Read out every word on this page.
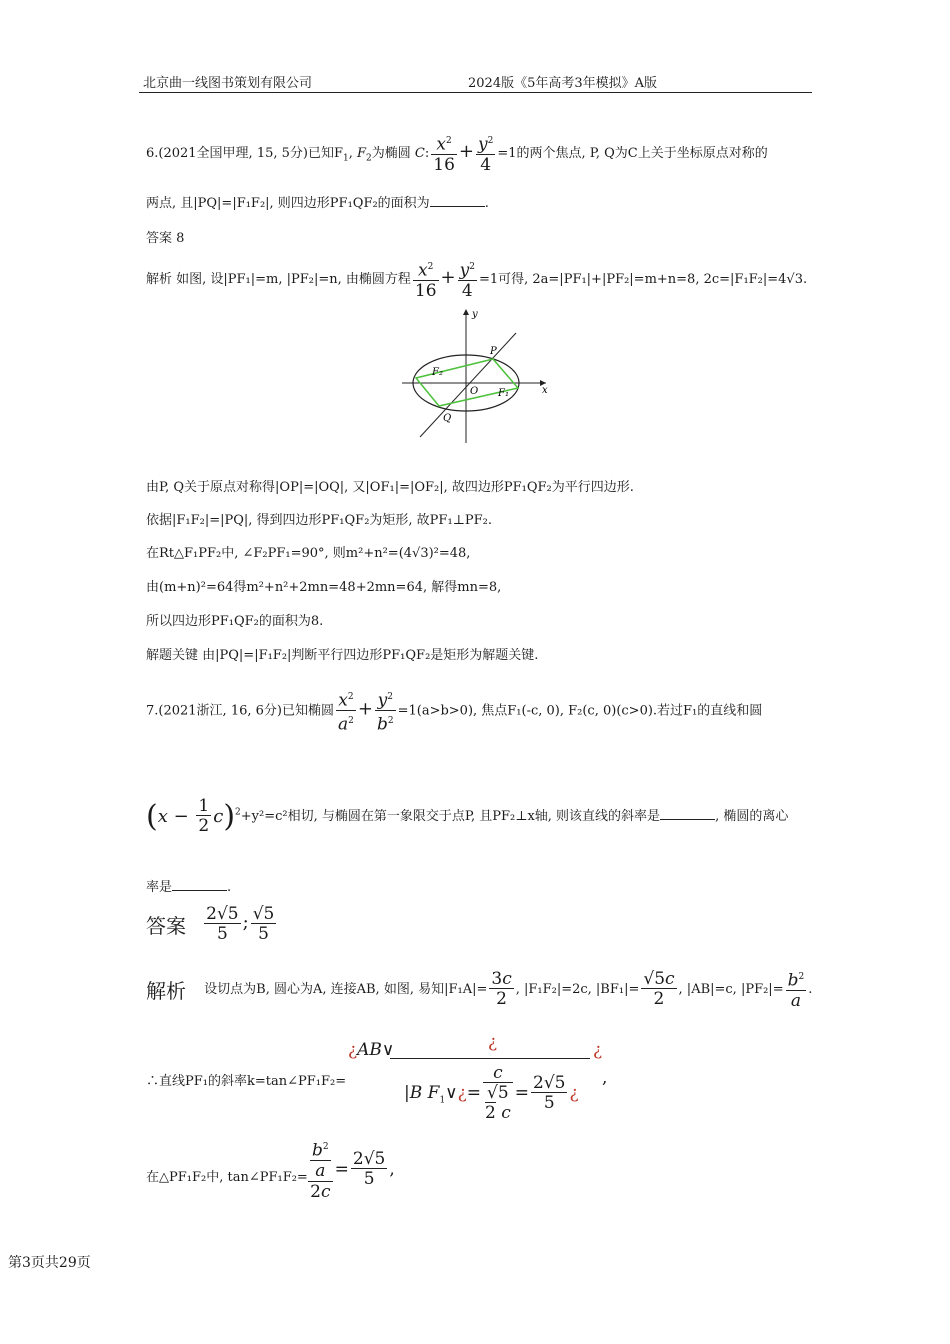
北京曲一线图书策划有限公司	2024版《5年高考3年模拟》A版
6.(2021全国甲理, 15, 5分)已知$F_1$, $F_2$为椭圆 C: $\frac{x^2}{16} + \frac{y^2}{4} =1$的两个焦点, P, Q为C上关于坐标原点对称的
两点, 且|PQ|=|F₁F₂|, 则四边形PF₁QF₂的面积为	.
答案 8
解析 如图, 设|PF₁|=m, |PF₂|=n, 由椭圆方程 $\frac{x^2}{16} + \frac{y^2}{4} =1$可得, 2a=|PF₁|+|PF₂|=m+n=8, 2c=|F₁F₂|=4√3.
y
x
O
P
Q
F₁
F₂
由P, Q关于原点对称得|OP|=|OQ|, 又|OF₁|=|OF₂|, 故四边形PF₁QF₂为平行四边形.
依据|F₁F₂|=|PQ|, 得到四边形PF₁QF₂为矩形, 故PF₁⊥PF₂.
在Rt△F₁PF₂中, ∠F₂PF₁=90°, 则m²+n²=(4√3)²=48,
由(m+n)²=64得m²+n²+2mn=48+2mn=64, 解得mn=8,
所以四边形PF₁QF₂的面积为8.
解题关键 由|PQ|=|F₁F₂|判断平行四边形PF₁QF₂是矩形为解题关键.
7.(2021浙江, 16, 6分)已知椭圆 $\frac{x^2}{a^2} + \frac{y^2}{b^2} =1(a>b>0)$, 焦点F₁(-c, 0), F₂(c, 0)(c>0).若过F₁的直线和圆
$(x - \frac{1}{2} c)^2+y^2=c^2$相切, 与椭圆在第一象限交于点P, 且PF₂⊥x轴, 则该直线的斜率是	, 椭圆的离心
率是	.
答案 $\frac{2√5}{5}$ ; $\frac{√5}{5}$
解析 设切点为B, 圆心为A, 连接AB, 如图, 易知$|F_1A|= \frac{3c}{2}$ , |F₁F₂|=2c, $|BF_1|= \frac{√5c}{2}$ , |AB|=c, $|PF_2|= \frac{b^2}{a}$ .
∴直线PF₁的斜率k=tan∠PF₁F₂=
¿AB∨	¿	¿
|B $F_1\vee¿=$
c
√5
2 c
= $\frac{2√5}{5}$ ¿
,
在△PF₁F₂中, tan∠PF₁F₂= $\frac{\frac{b^2}{a}}{2c} = \frac{2√5}{5}$ ,
第3页共29页
